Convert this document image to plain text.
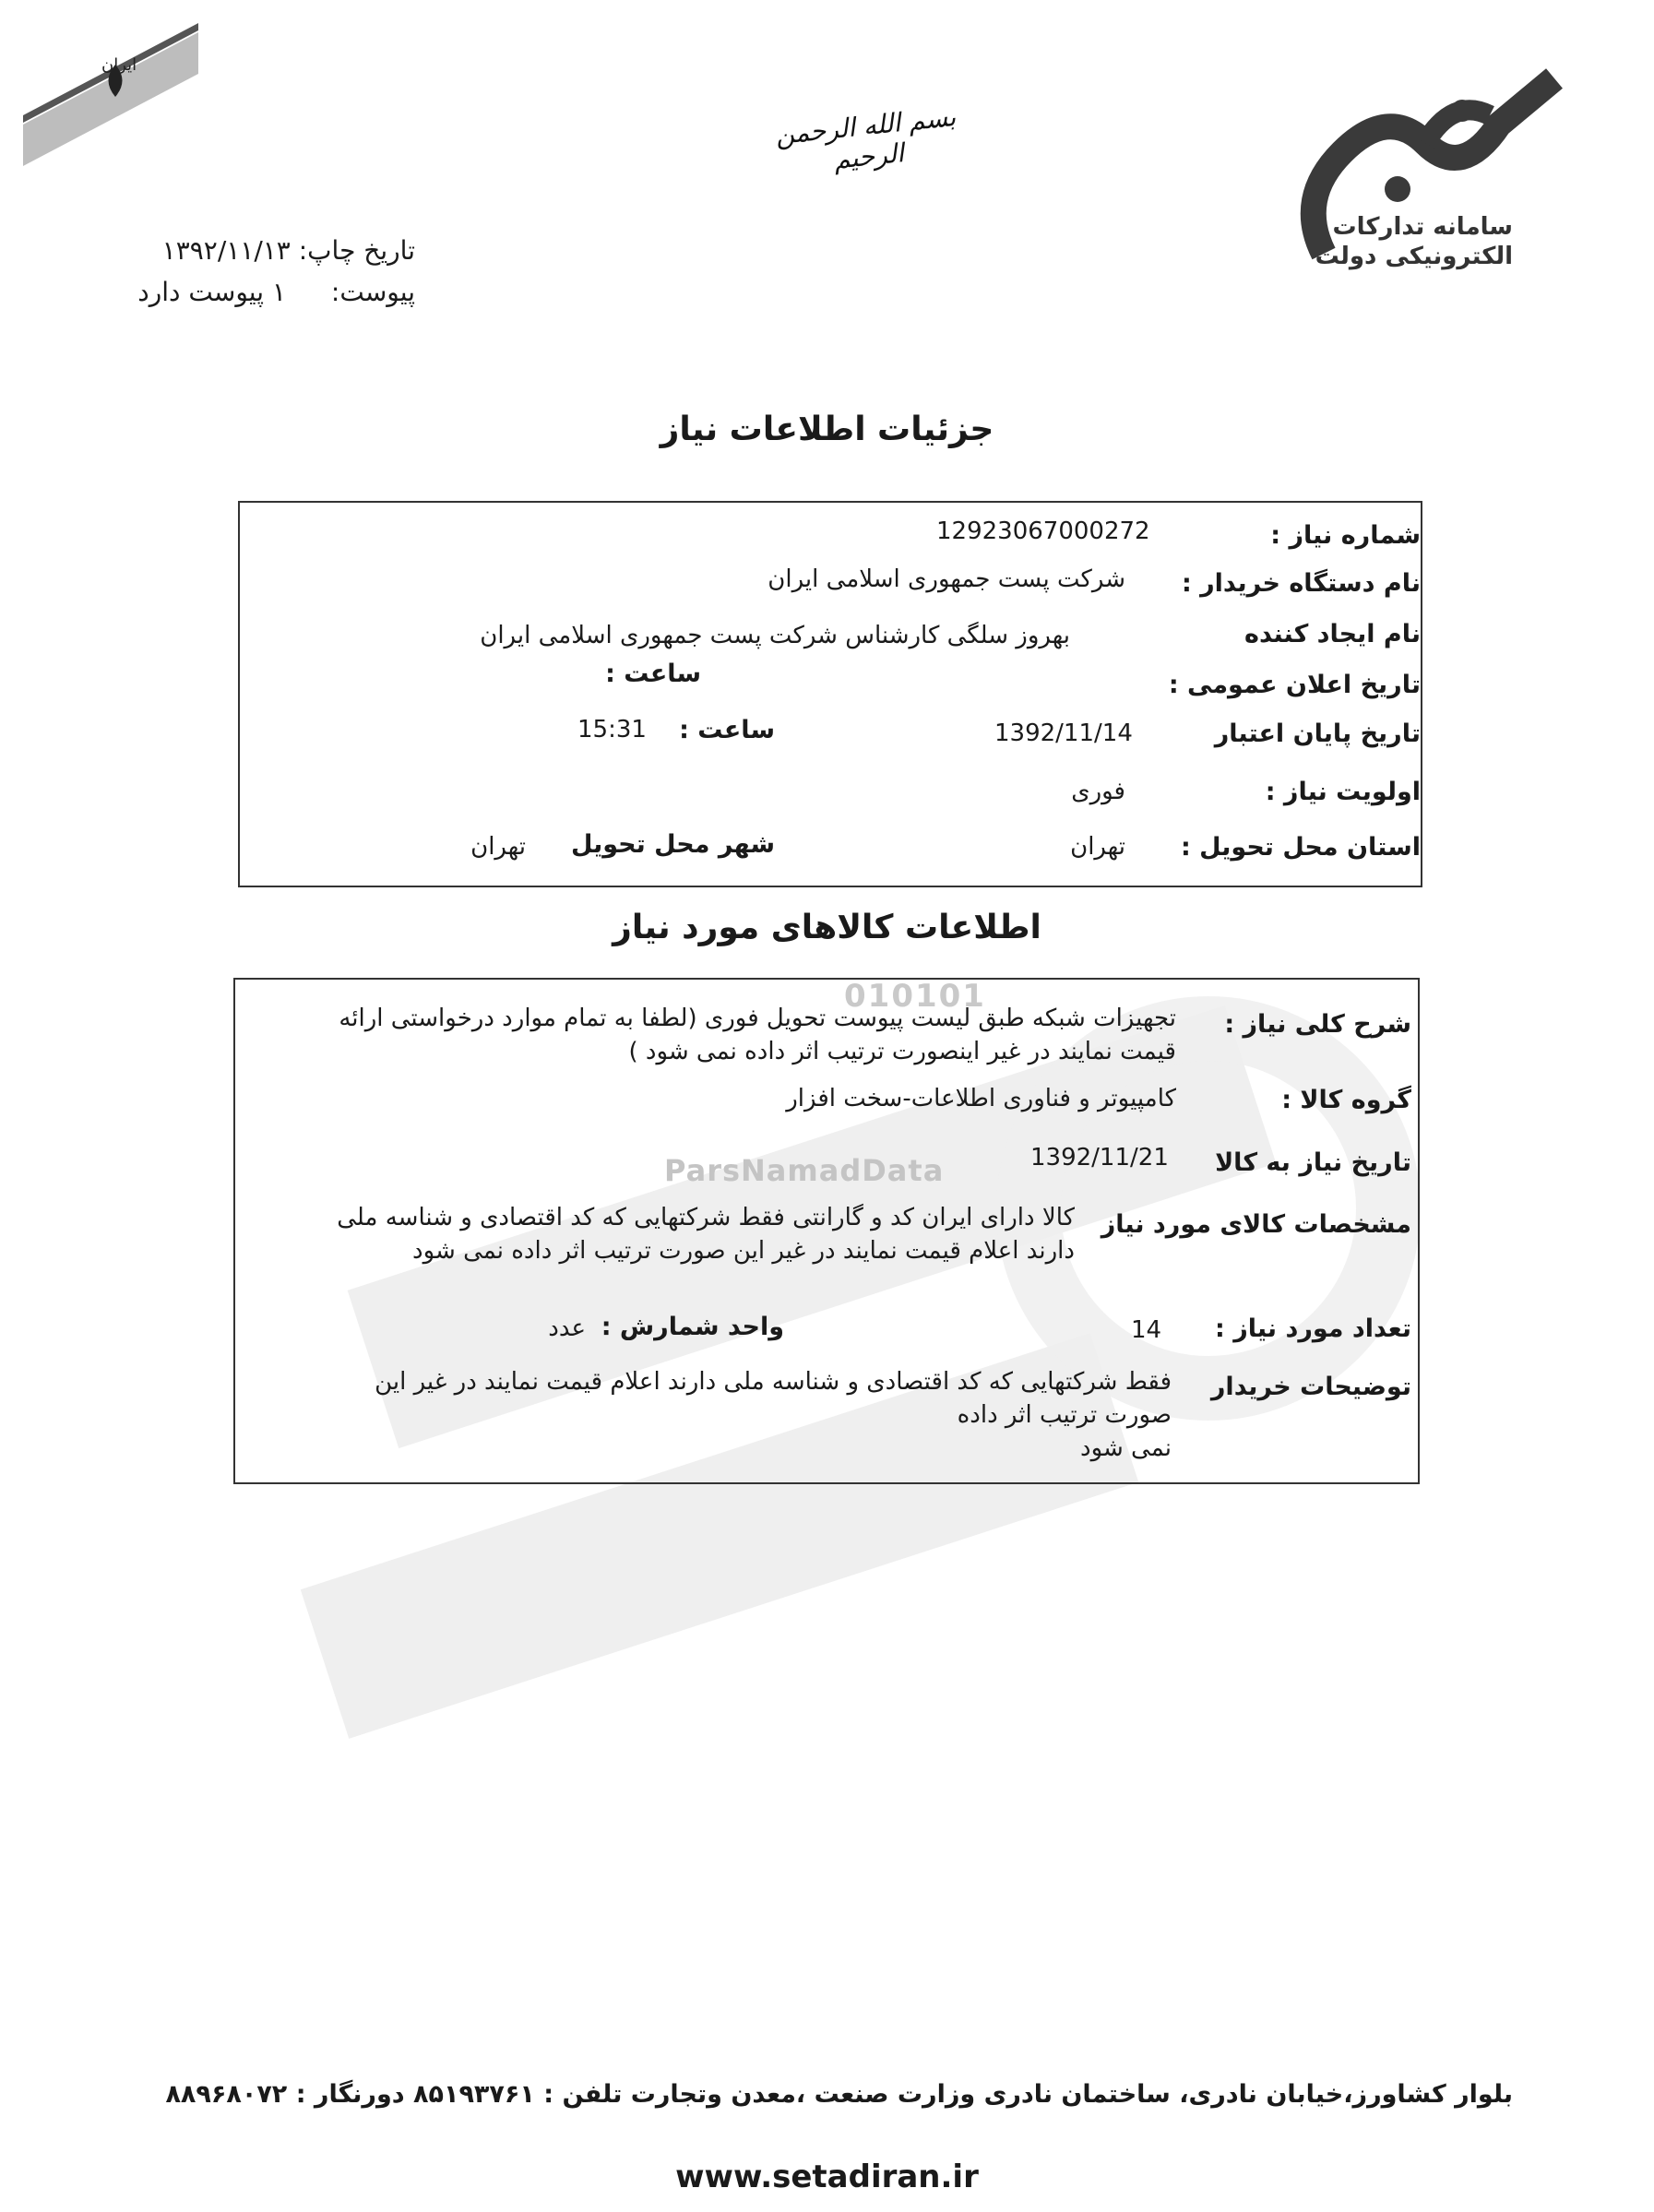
سامانه تدارکات الکترونیکی دولت
ایران
بسم الله الرحمن الرحیم
تاریخ چاپ: ۱۳۹۲/۱۱/۱۳
پیوست: ۱ پیوست دارد
جزئیات اطلاعات نیاز
شماره نیاز :
12923067000272
نام دستگاه خریدار :
شرکت پست جمهوری اسلامی ایران
نام ایجاد کننده
بهروز سلگی کارشناس شرکت پست جمهوری اسلامی ایران
تاریخ اعلان عمومی :
ساعت :
تاریخ پایان اعتبار
1392/11/14
ساعت :
15:31
اولویت نیاز :
فوری
استان محل تحویل :
تهران
شهر محل تحویل
تهران
اطلاعات کالاهای مورد نیاز
010101
ParsNamadData
شرح کلی نیاز :
تجهیزات شبکه طبق لیست پیوست تحویل فوری (لطفا به تمام موارد درخواستی ارائه
قیمت نمایند در غیر اینصورت ترتیب اثر داده نمی شود )
گروه کالا :
کامپیوتر و فناوری اطلاعات-سخت افزار
تاریخ نیاز به کالا
1392/11/21
مشخصات کالای مورد نیاز
کالا دارای ایران کد و گارانتی فقط شرکتهایی که کد اقتصادی و شناسه ملی
دارند اعلام قیمت نمایند در غیر این صورت ترتیب اثر داده نمی شود
تعداد مورد نیاز :
14
واحد شمارش :
عدد
توضیحات خریدار
فقط شرکتهایی که کد اقتصادی و شناسه ملی دارند اعلام قیمت نمایند در غیر این
صورت ترتیب اثر داده
نمی شود
بلوار کشاورز،خیابان نادری، ساختمان نادری وزارت صنعت ،معدن وتجارت تلفن : ۸۵۱۹۳۷۶۱ دورنگار : ۸۸۹۶۸۰۷۲
www.setadiran.ir
